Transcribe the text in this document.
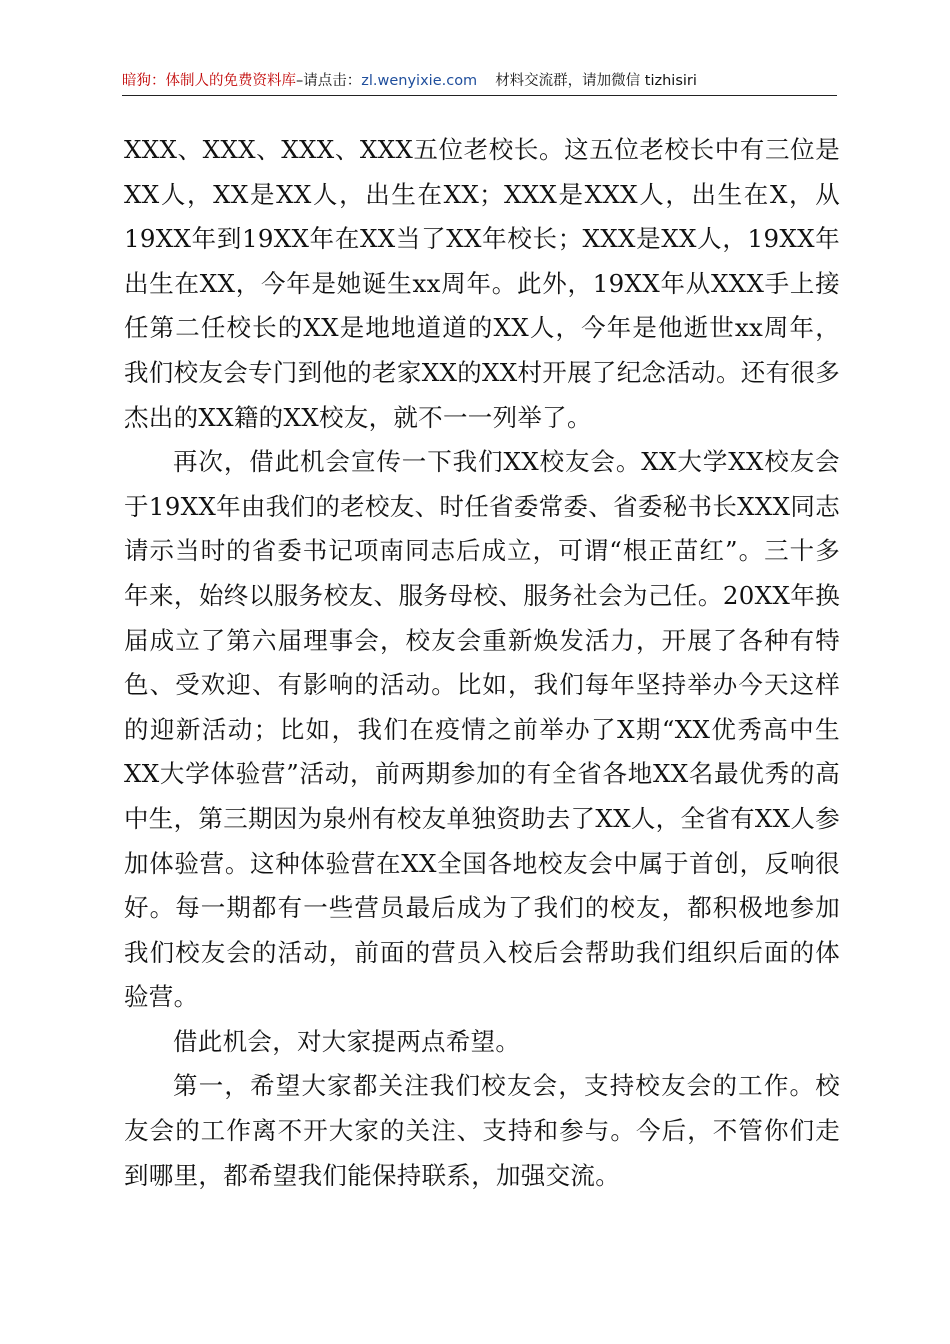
暗狗：体制人的免费资料库 –请点击： zl.wenyixie.com 材料交流群，请加微信 tizhisiri

XXX、XXX、XXX、XXX五位老校长。这五位老校长中有三位是XX人，XX是XX人，出生在XX；XXX是XXX人，出生在X，从19XX年到19XX年在XX当了XX年校长；XXX是XX人，19XX年出生在XX，今年是她诞生xx周年。此外，19XX年从XXX手上接任第二任校长的XX是地地道道的XX人，今年是他逝世xx周年，我们校友会专门到他的老家XX的XX村开展了纪念活动。还有很多杰出的XX籍的XX校友，就不一一列举了。

再次，借此机会宣传一下我们XX校友会。XX大学XX校友会于19XX年由我们的老校友、时任省委常委、省委秘书长XXX同志请示当时的省委书记项南同志后成立，可谓“根正苗红”。三十多年来，始终以服务校友、服务母校、服务社会为己任。20XX年换届成立了第六届理事会，校友会重新焕发活力，开展了各种有特色、受欢迎、有影响的活动。比如，我们每年坚持举办今天这样的迎新活动；比如，我们在疫情之前举办了X期“XX优秀高中生XX大学体验营”活动，前两期参加的有全省各地XX名最优秀的高中生，第三期因为泉州有校友单独资助去了XX人，全省有XX人参加体验营。这种体验营在XX全国各地校友会中属于首创，反响很好。每一期都有一些营员最后成为了我们的校友，都积极地参加我们校友会的活动，前面的营员入校后会帮助我们组织后面的体验营。

借此机会，对大家提两点希望。

第一，希望大家都关注我们校友会，支持校友会的工作。校友会的工作离不开大家的关注、支持和参与。今后，不管你们走到哪里，都希望我们能保持联系，加强交流。
